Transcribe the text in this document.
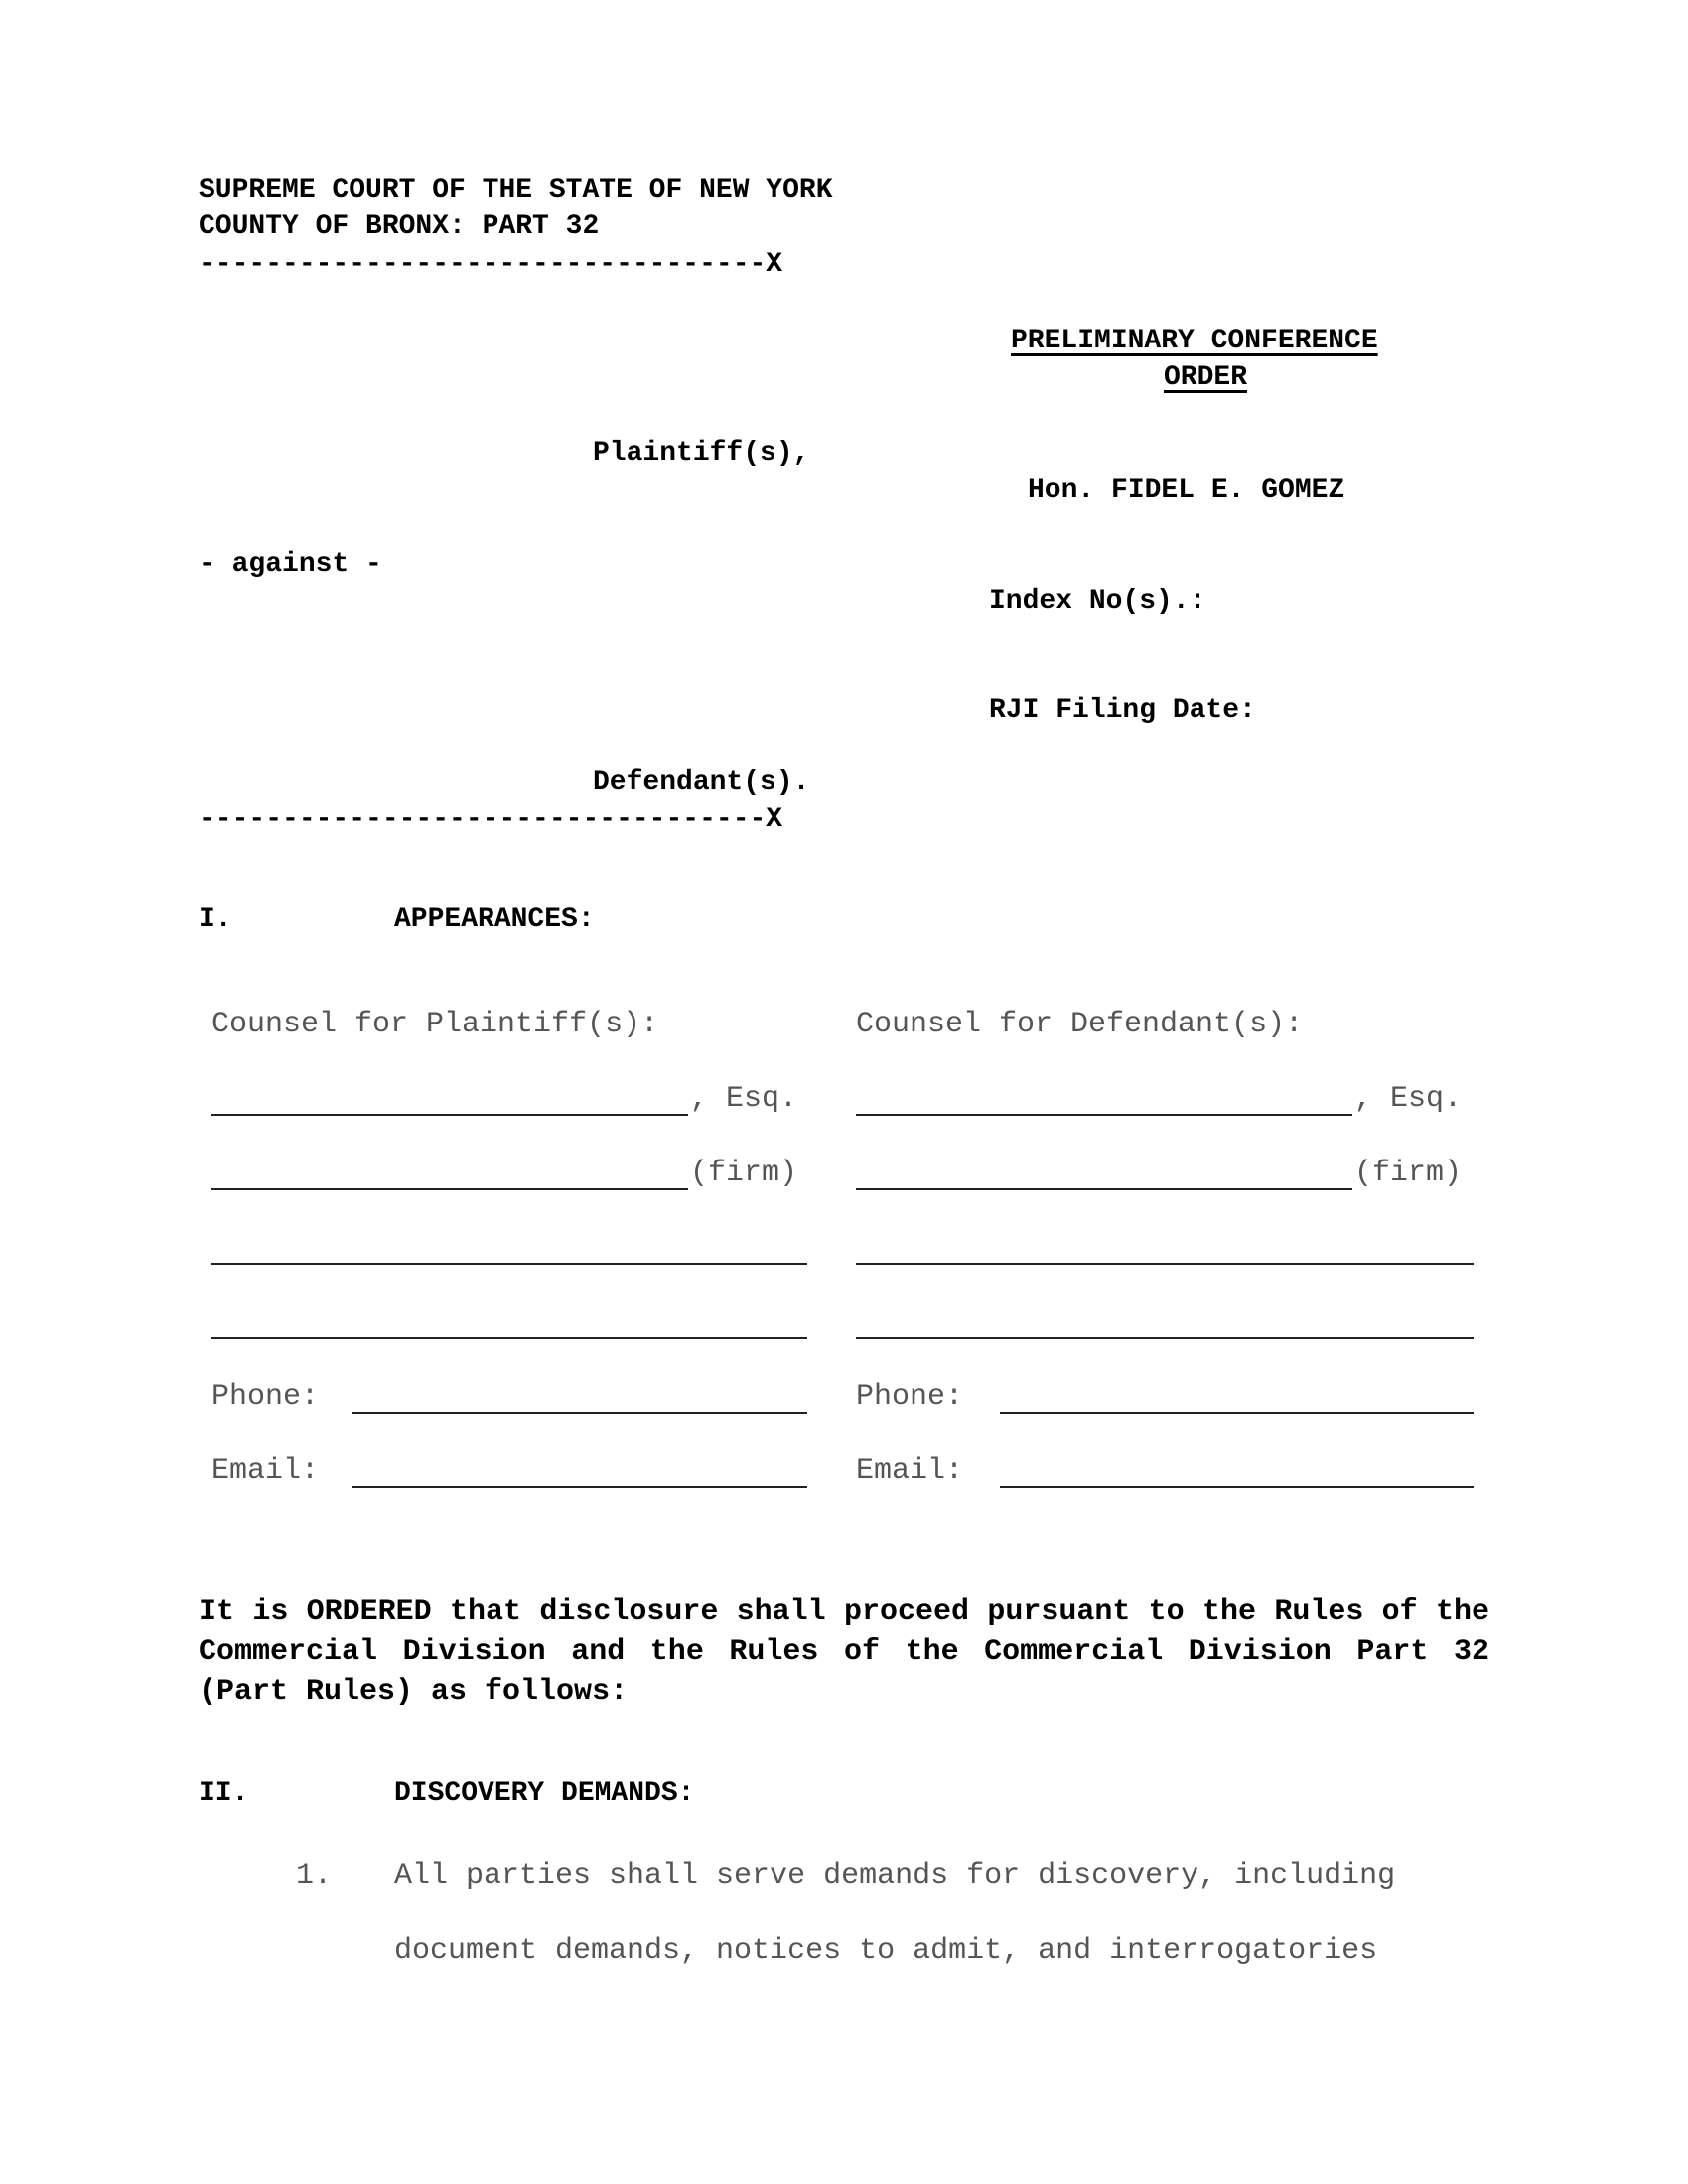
SUPREME COURT OF THE STATE OF NEW YORK
COUNTY OF BRONX: PART 32
----------------------------------X
PRELIMINARY CONFERENCE
ORDER
Plaintiff(s),
Hon. FIDEL E. GOMEZ
- against -
Index No(s).:
RJI Filing Date:
Defendant(s).
----------------------------------X
I.	APPEARANCES:
Counsel for Plaintiff(s):
, Esq.
(firm)
Phone:
Email:
Counsel for Defendant(s):
, Esq.
(firm)
Phone:
Email:
It is ORDERED that disclosure shall proceed pursuant to the Rules of the Commercial Division and the Rules of the Commercial Division Part 32 (Part Rules) as follows:
II.	DISCOVERY DEMANDS:
1. All parties shall serve demands for discovery, including
document demands, notices to admit, and interrogatories
